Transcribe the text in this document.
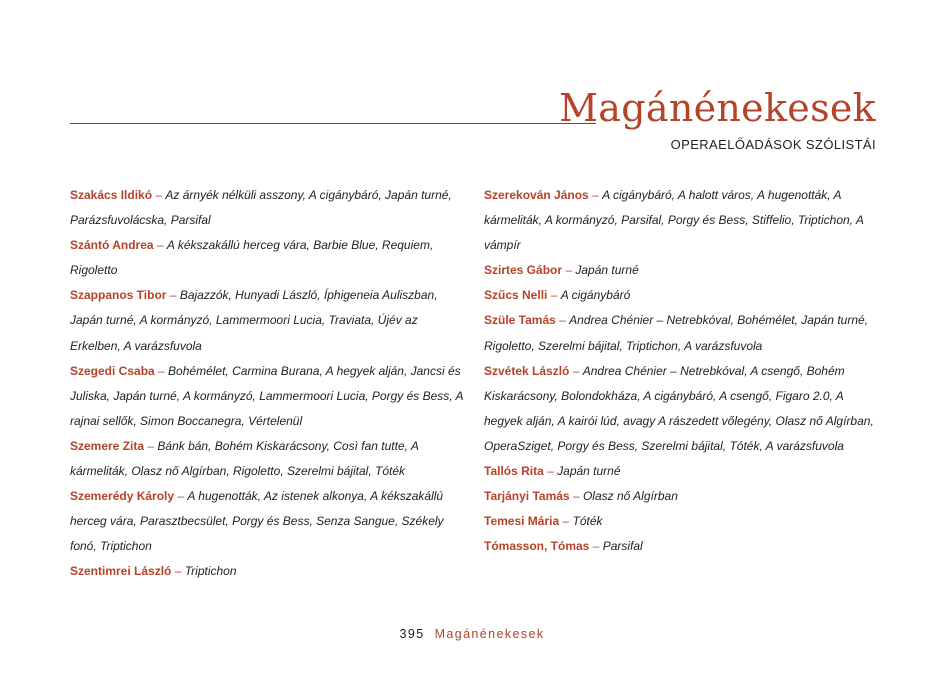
Magánénekesek
OPERAELŐADÁSOK SZÓLISTÁI
Szakács Ildikó – Az árnyék nélküli asszony, A cigánybáró, Japán turné, Parázsfuvolácska, Parsifal
Szántó Andrea – A kékszakállú herceg vára, Barbie Blue, Requiem, Rigoletto
Szappanos Tibor – Bajazzók, Hunyadi László, Íphigeneia Auliszban, Japán turné, A kormányzó, Lammermoori Lucia, Traviata, Újév az Erkelben, A varázsfuvola
Szegedi Csaba – Bohémélet, Carmina Burana, A hegyek alján, Jancsi és Juliska, Japán turné, A kormányzó, Lammermoori Lucia, Porgy és Bess, A rajnai sellők, Simon Boccanegra, Vértelenül
Szemere Zita – Bánk bán, Bohém Kiskarácsony, Così fan tutte, A kármeliták, Olasz nő Algírban, Rigoletto, Szerelmi bájital, Tóték
Szemerédy Károly – A hugenották, Az istenek alkonya, A kékszakállú herceg vára, Parasztbecsület, Porgy és Bess, Senza Sangue, Székely fonó, Triptichon
Szentimrei László – Triptichon
Szerekován János – A cigánybáró, A halott város, A hugenották, A kármeliták, A kormányzó, Parsifal, Porgy és Bess, Stiffelio, Triptichon, A vámpír
Szirtes Gábor – Japán turné
Szűcs Nelli – A cigánybáró
Szüle Tamás – Andrea Chénier – Netrebkóval, Bohémélet, Japán turné, Rigoletto, Szerelmi bájital, Triptichon, A varázsfuvola
Szvétek László – Andrea Chénier – Netrebkóval, A csengő, Bohém Kiskarácsony, Bolondokháza, A cigánybáró, A csengő, Figaro 2.0, A hegyek alján, A kairói lúd, avagy A rászedett vőlegény, Olasz nő Algírban, OperaSziget, Porgy és Bess, Szerelmi bájital, Tóték, A varázsfuvola
Tallós Rita – Japán turné
Tarjányi Tamás – Olasz nő Algírban
Temesi Mária – Tóték
Tómasson, Tómas – Parsifal
395 Magánénekesek
